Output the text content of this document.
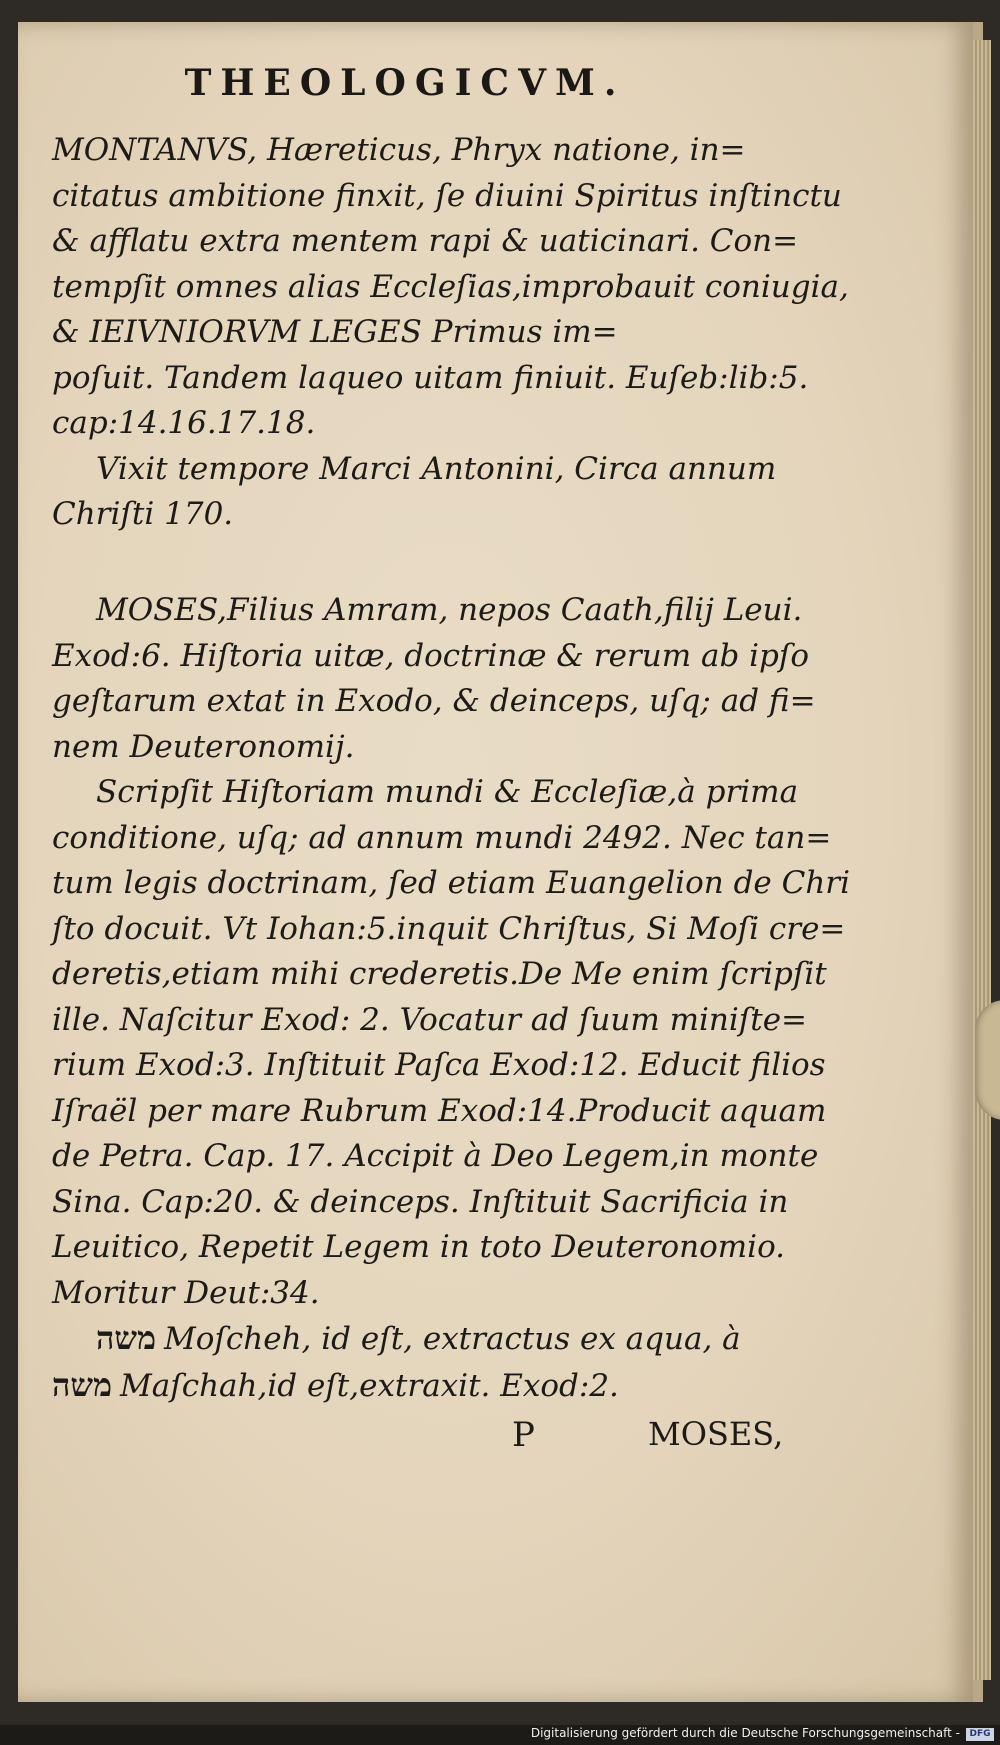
THEOLOGICVM.
MONTANVS, Hæreticus, Phryx natione, in=
citatus ambitione finxit, ſe diuini Spiritus inſtinctu
& afflatu extra mentem rapi & uaticinari. Con=
tempſit omnes alias Eccleſias,improbauit coniugia,
& IEIVNIORVM LEGES Primus im=
poſuit. Tandem laqueo uitam finiuit. Euſeb:lib:5.
cap:14.16.17.18.
Vixit tempore Marci Antonini, Circa annum
Chriſti 170.
MOSES,Filius Amram, nepos Caath,filij Leui.
Exod:6. Hiſtoria uitæ, doctrinæ & rerum ab ipſo
geſtarum extat in Exodo, & deinceps, uſq; ad fi=
nem Deuteronomij.
Scripſit Hiſtoriam mundi & Eccleſiæ,à prima
conditione, uſq; ad annum mundi 2492. Nec tan=
tum legis doctrinam, ſed etiam Euangelion de Chri
ſto docuit. Vt Iohan:5.inquit Chriſtus, Si Moſi cre=
deretis,etiam mihi crederetis.De Me enim ſcripſit
ille. Naſcitur Exod: 2. Vocatur ad ſuum miniſte=
rium Exod:3. Inſtituit Paſca Exod:12. Educit filios
Iſraël per mare Rubrum Exod:14.Producit aquam
de Petra. Cap. 17. Accipit à Deo Legem,in monte
Sina. Cap:20. & deinceps. Inſtituit Sacrificia in
Leuitico, Repetit Legem in toto Deuteronomio.
Moritur Deut:34.
משה Moſcheh, id eſt, extractus ex aqua, à
משה Maſchah,id eſt,extraxit. Exod:2.
P	MOSES,
Digitalisierung gefördert durch die Deutsche Forschungsgemeinschaft -	DFG
